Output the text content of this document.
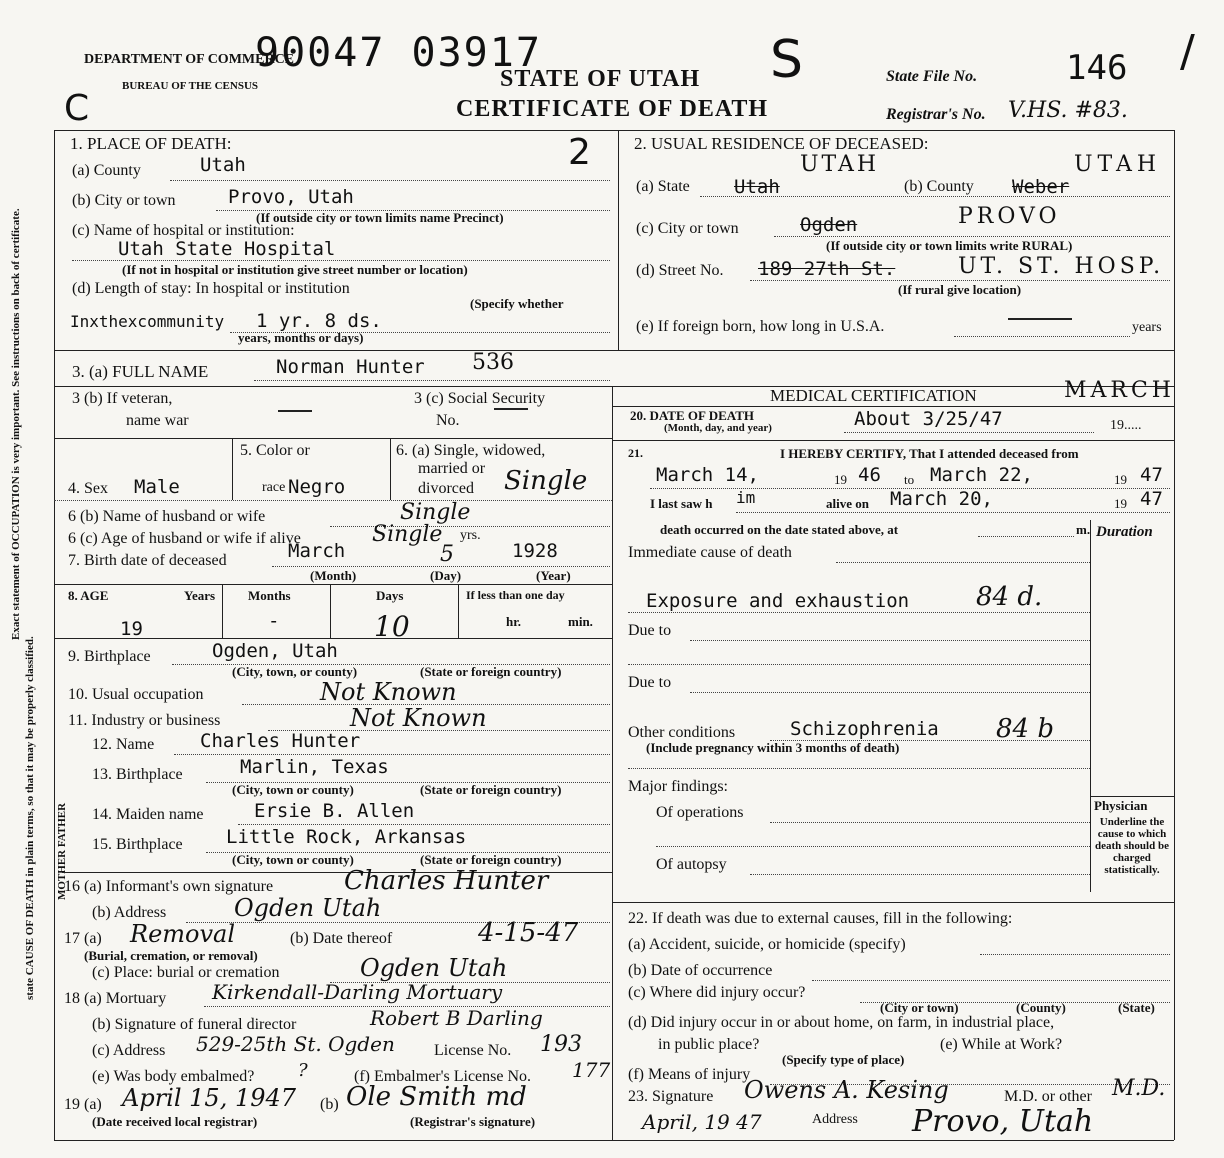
Exact statement of OCCUPATION is very important. See instructions on back of certificate.
state CAUSE OF DEATH in plain terms, so that it may be properly classified. MOTHER FATHER
DEPARTMENT OF COMMERCE
BUREAU OF THE CENSUS
90047 03917	S
C
/
2
STATE OF UTAH
CERTIFICATE OF DEATH
State File No.	146
Registrar's No. V.HS. #83.
1. PLACE OF DEATH:
(a) County	Utah
(b) City or town	Provo, Utah
(If outside city or town limits name Precinct)
(c) Name of hospital or institution:
Utah State Hospital
(If not in hospital or institution give street number or location)
(d) Length of stay: In hospital or institution
(Specify whether
Inxthexcommunity 1 yr. 8 ds.
years, months or days)
2. USUAL RESIDENCE OF DECEASED:
(a) State Utah
UTAH
(b) County Weber
UTAH
(c) City or town	Ogden	PROVO
(If outside city or town limits write RURAL)
(d) Street No. 189 27th St.	UT. ST. HOSP.
(If rural give location)
(e) If foreign born, how long in U.S.A.	years
3. (a) FULL NAME	Norman Hunter 536
3 (b) If veteran,
name war
3 (c) Social Security
No.
5. Color or	6. (a) Single, widowed,
married or
divorced
4. Sex Male	race Negro	Single
6 (b) Name of husband or wife	Single
6 (c) Age of husband or wife if alive	Single yrs.
7. Birth date of deceased	March	5	1928
(Month)	(Day)	(Year)
8. AGE	Years	Months	Days	If less than one day
19	-	10	hr.	min.
9. Birthplace	Ogden, Utah
(City, town, or county)	(State or foreign country)
10. Usual occupation	Not Known
11. Industry or business	Not Known
12. Name Charles Hunter
13. Birthplace	Marlin, Texas
(City, town or county)	(State or foreign country)
14. Maiden name	Ersie B. Allen
15. Birthplace Little Rock, Arkansas
(City, town or county)	(State or foreign country)
16 (a) Informant's own signature	Charles Hunter
(b) Address	Ogden Utah
17 (a) Removal	(b) Date thereof	4-15-47
(Burial, cremation, or removal)
(c) Place: burial or cremation	Ogden Utah
18 (a) Mortuary Kirkendall-Darling Mortuary
(b) Signature of funeral director	Robert B Darling
(c) Address 529-25th St. Ogden License No. 193
(e) Was body embalmed? ?	(f) Embalmer's License No. 177
19 (a) April 15, 1947 (b) Ole Smith md
(Date received local registrar)	(Registrar's signature)
MEDICAL CERTIFICATION	MARCH
20. DATE OF DEATH
(Month, day, and year)	About 3/25/47	19.....
21.	I HEREBY CERTIFY, That I attended deceased from
March 14,	19 46 to March 22,	19 47
I last saw h im	alive on March 20,	19 47
death occurred on the date stated above, at	m. Duration
Immediate cause of death
Exposure and exhaustion	84 d.
Due to
Due to
Other conditions
(Include pregnancy within 3 months of death)
Schizophrenia 84 b
Major findings:
Of operations
Of autopsy
Physician
Underline the cause to which death should be charged statistically.
22. If death was due to external causes, fill in the following:
(a) Accident, suicide, or homicide (specify)
(b) Date of occurrence
(c) Where did injury occur?
(City or town)	(County)	(State)
(d) Did injury occur in or about home, on farm, in industrial place,
in public place?
(Specify type of place)
(e) While at Work?
(f) Means of injury
23. Signature Owens A. Kesing	M.D. or other M.D.
April, 19 47	Address Provo, Utah
